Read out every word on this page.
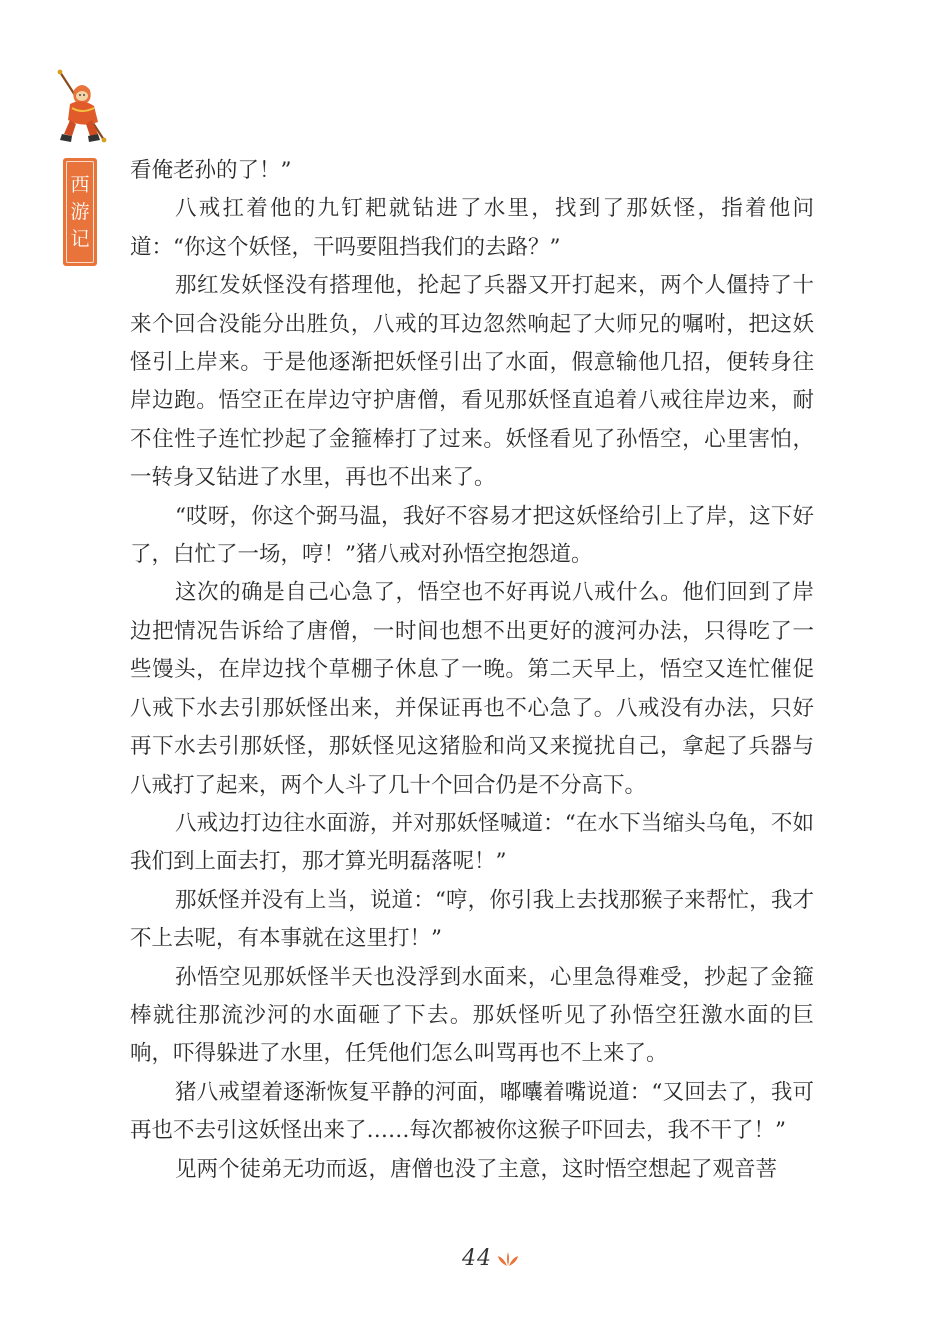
西
游
记

看俺老孙的了！”

八戒扛着他的九钉耙就钻进了水里，找到了那妖怪，指着他问道：“你这个妖怪，干吗要阻挡我们的去路？”

那红发妖怪没有搭理他，抡起了兵器又开打起来，两个人僵持了十来个回合没能分出胜负，八戒的耳边忽然响起了大师兄的嘱咐，把这妖怪引上岸来。于是他逐渐把妖怪引出了水面，假意输他几招，便转身往岸边跑。悟空正在岸边守护唐僧，看见那妖怪直追着八戒往岸边来，耐不住性子连忙抄起了金箍棒打了过来。妖怪看见了孙悟空，心里害怕，一转身又钻进了水里，再也不出来了。

“哎呀，你这个弼马温，我好不容易才把这妖怪给引上了岸，这下好了，白忙了一场，哼！”猪八戒对孙悟空抱怨道。

这次的确是自己心急了，悟空也不好再说八戒什么。他们回到了岸边把情况告诉给了唐僧，一时间也想不出更好的渡河办法，只得吃了一些馒头，在岸边找个草棚子休息了一晚。第二天早上，悟空又连忙催促八戒下水去引那妖怪出来，并保证再也不心急了。八戒没有办法，只好再下水去引那妖怪，那妖怪见这猪脸和尚又来搅扰自己，拿起了兵器与八戒打了起来，两个人斗了几十个回合仍是不分高下。

八戒边打边往水面游，并对那妖怪喊道：“在水下当缩头乌龟，不如我们到上面去打，那才算光明磊落呢！”

那妖怪并没有上当，说道：“哼，你引我上去找那猴子来帮忙，我才不上去呢，有本事就在这里打！”

孙悟空见那妖怪半天也没浮到水面来，心里急得难受，抄起了金箍棒就往那流沙河的水面砸了下去。那妖怪听见了孙悟空狂激水面的巨响，吓得躲进了水里，任凭他们怎么叫骂再也不上来了。

猪八戒望着逐渐恢复平静的河面，嘟囔着嘴说道：“又回去了，我可再也不去引这妖怪出来了……每次都被你这猴子吓回去，我不干了！”

见两个徒弟无功而返，唐僧也没了主意，这时悟空想起了观音菩

44
